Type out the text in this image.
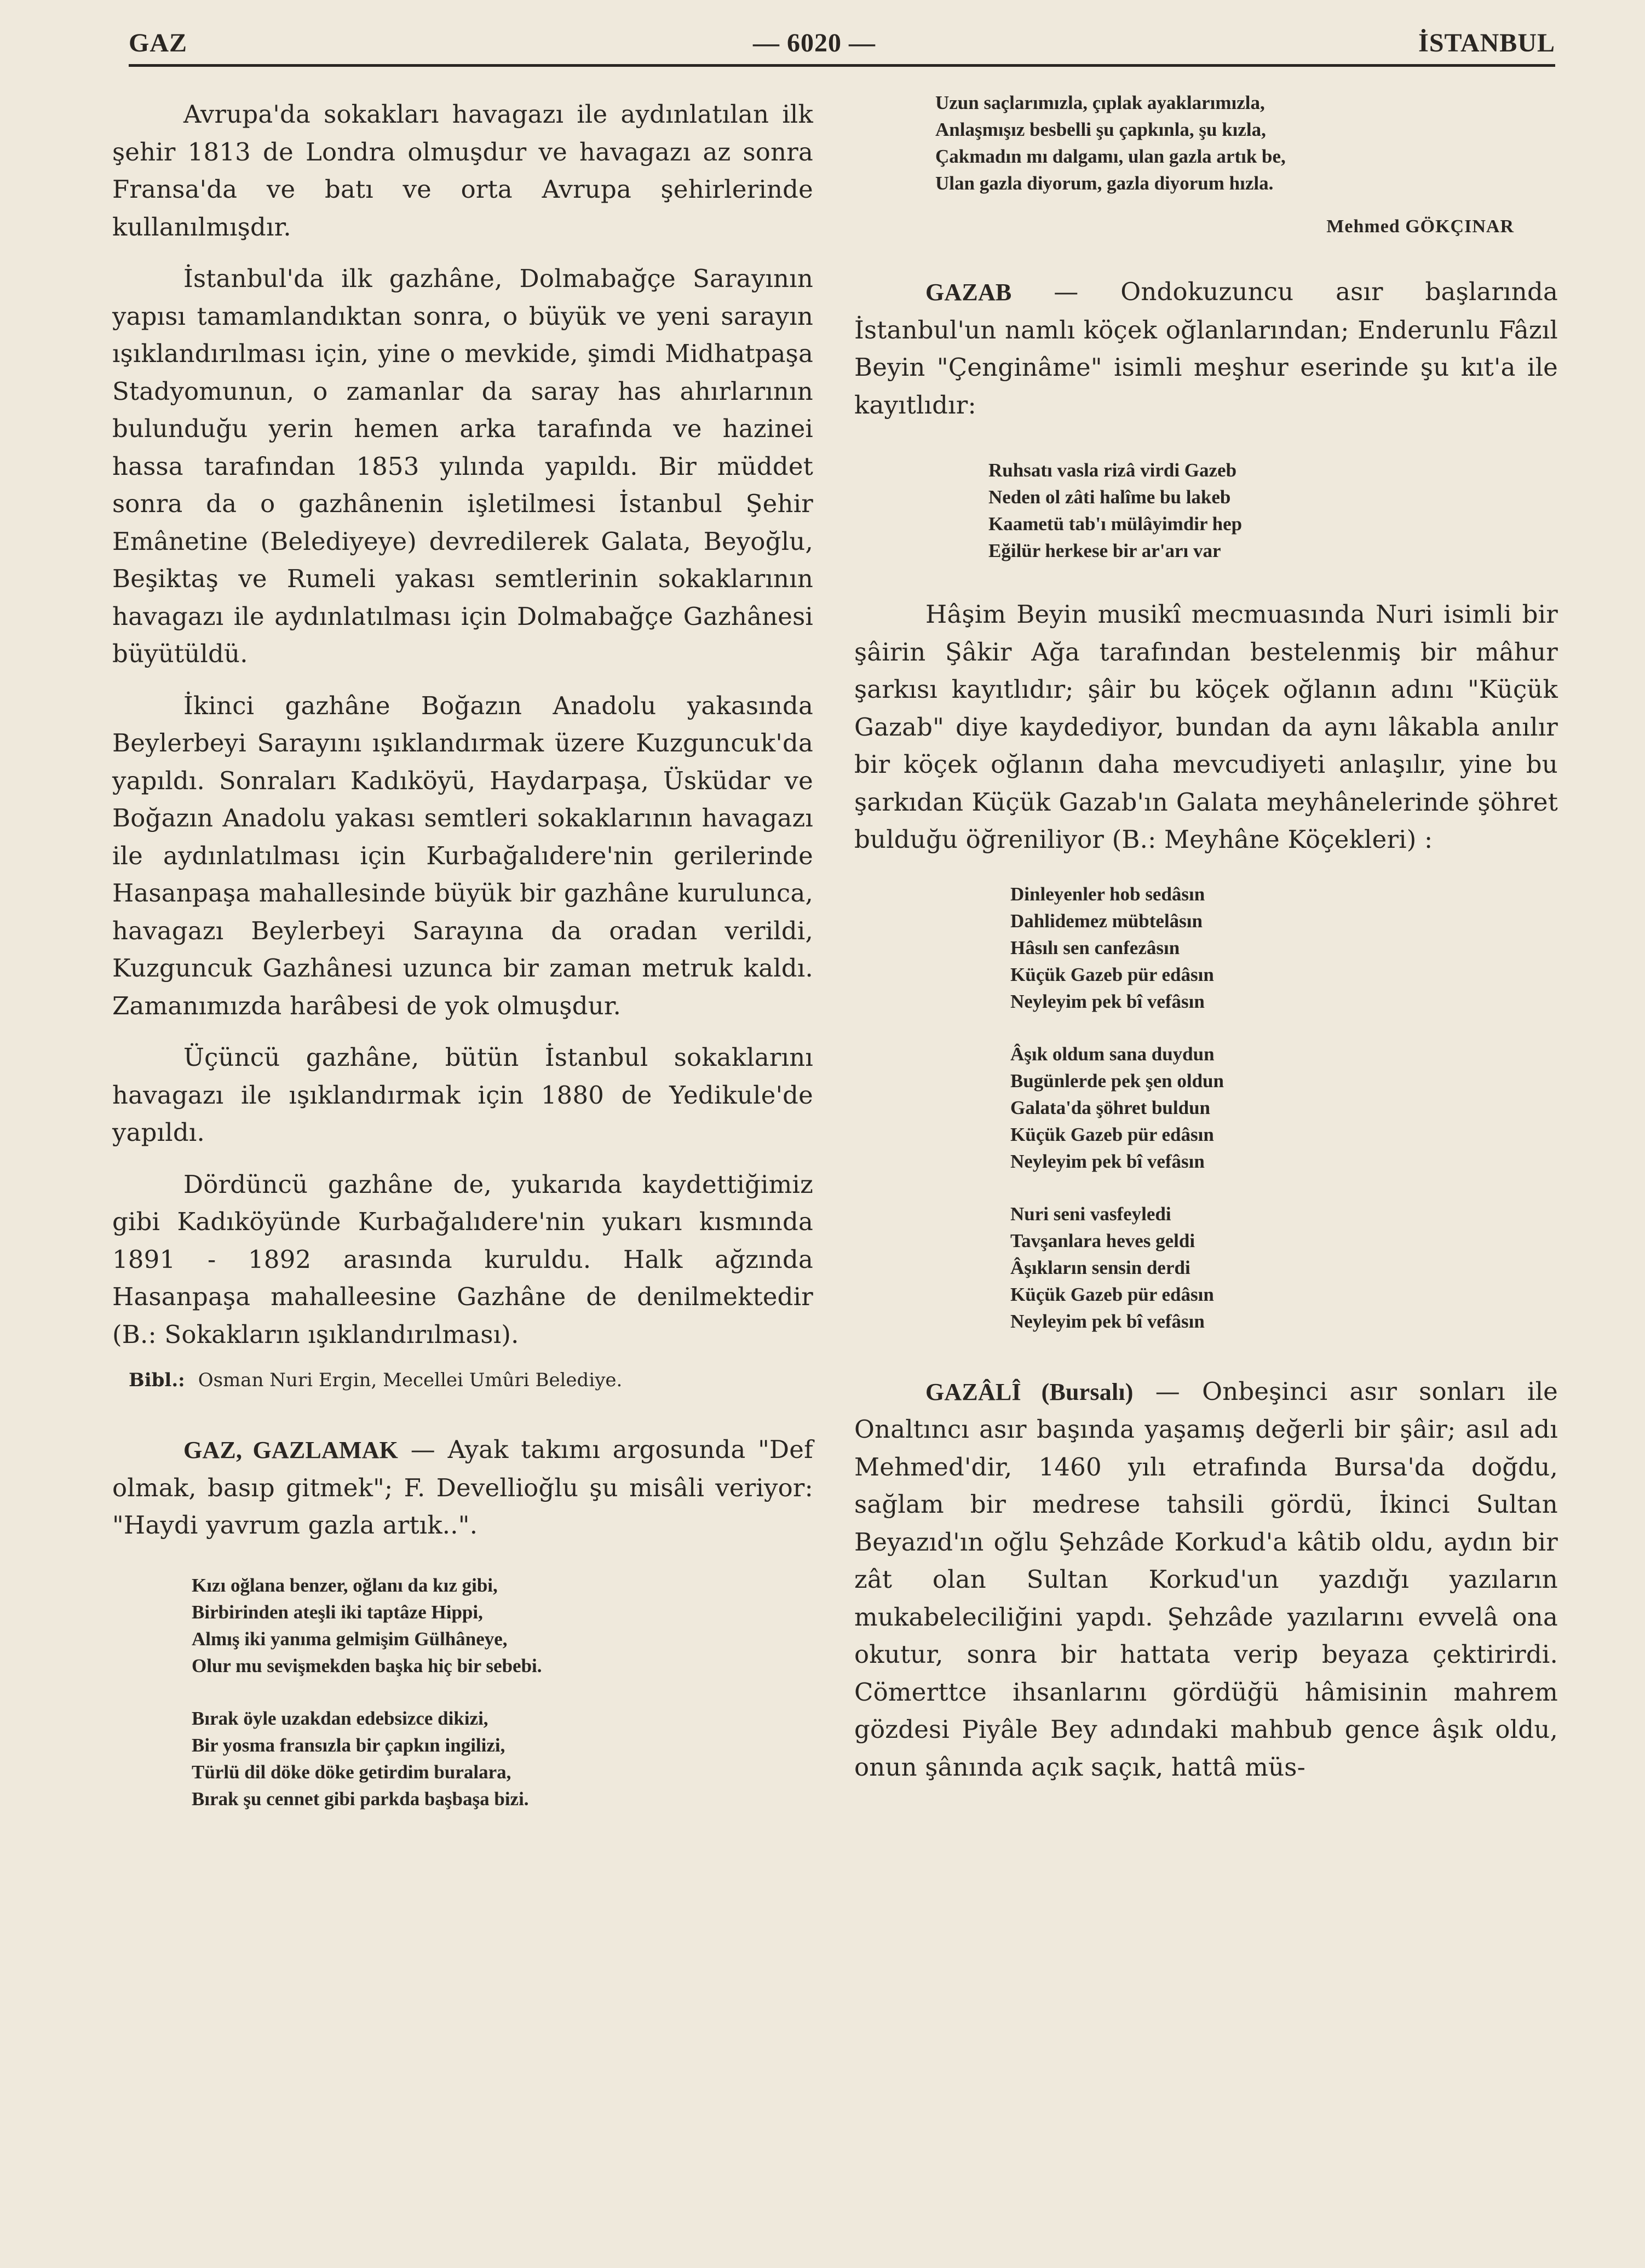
GAZ	— 6020 —	İSTANBUL

Avrupa'da sokakları havagazı ile aydınlatılan ilk şehir 1813 de Londra olmuşdur ve havagazı az sonra Fransa'da ve batı ve orta Avrupa şehirlerinde kullanılmışdır.

İstanbul'da ilk gazhâne, Dolmabağçe Sarayının yapısı tamamlandıktan sonra, o büyük ve yeni sarayın ışıklandırılması için, yine o mevkide, şimdi Midhatpaşa Stadyomunun, o zamanlar da saray has ahırlarının bulunduğu yerin hemen arka tarafında ve hazinei hassa tarafından 1853 yılında yapıldı. Bir müddet sonra da o gazhânenin işletilmesi İstanbul Şehir Emânetine (Belediyeye) devredilerek Galata, Beyoğlu, Beşiktaş ve Rumeli yakası semtlerinin sokaklarının havagazı ile aydınlatılması için Dolmabağçe Gazhânesi büyütüldü.

İkinci gazhâne Boğazın Anadolu yakasında Beylerbeyi Sarayını ışıklandırmak üzere Kuzguncuk'da yapıldı. Sonraları Kadıköyü, Haydarpaşa, Üsküdar ve Boğazın Anadolu yakası semtleri sokaklarının havagazı ile aydınlatılması için Kurbağalıdere'nin gerilerinde Hasanpaşa mahallesinde büyük bir gazhâne kurulunca, havagazı Beylerbeyi Sarayına da oradan verildi, Kuzguncuk Gazhânesi uzunca bir zaman metruk kaldı. Zamanımızda harâbesi de yok olmuşdur.

Üçüncü gazhâne, bütün İstanbul sokaklarını havagazı ile ışıklandırmak için 1880 de Yedikule'de yapıldı.

Dördüncü gazhâne de, yukarıda kaydettiğimiz gibi Kadıköyünde Kurbağalıdere'nin yukarı kısmında 1891 - 1892 arasında kuruldu. Halk ağzında Hasanpaşa mahalleesine Gazhâne de denilmektedir (B.: Sokakların ışıklandırılması).

Bibl.: Osman Nuri Ergin, Mecellei Umûri Belediye.

GAZ, GAZLAMAK — Ayak takımı argosunda "Def olmak, basıp gitmek"; F. Devellioğlu şu misâli veriyor: "Haydi yavrum gazla artık..".

Kızı oğlana benzer, oğlanı da kız gibi,
Birbirinden ateşli iki taptâze Hippi,
Almış iki yanıma gelmişim Gülhâneye,
Olur mu sevişmekden başka hiç bir sebebi.
Bırak öyle uzakdan edebsizce dikizi,
Bir yosma fransızla bir çapkın ingilizi,
Türlü dil döke döke getirdim buralara,
Bırak şu cennet gibi parkda başbaşa bizi.
Uzun saçlarımızla, çıplak ayaklarımızla,
Anlaşmışız besbelli şu çapkınla, şu kızla,
Çakmadın mı dalgamı, ulan gazla artık be,
Ulan gazla diyorum, gazla diyorum hızla.

Mehmed GÖKÇINAR

GAZAB — Ondokuzuncu asır başlarında İstanbul'un namlı köçek oğlanlarından; Enderunlu Fâzıl Beyin "Çenginâme" isimli meşhur eserinde şu kıt'a ile kayıtlıdır:

Ruhsatı vasla rizâ virdi Gazeb
Neden ol zâti halîme bu lakeb
Kaametü tab'ı mülâyimdir hep
Eğilür herkese bir ar'arı var

Hâşim Beyin musikî mecmuasında Nuri isimli bir şâirin Şâkir Ağa tarafından bestelenmiş bir mâhur şarkısı kayıtlıdır; şâir bu köçek oğlanın adını "Küçük Gazab" diye kaydediyor, bundan da aynı lâkabla anılır bir köçek oğlanın daha mevcudiyeti anlaşılır, yine bu şarkıdan Küçük Gazab'ın Galata meyhânelerinde şöhret bulduğu öğreniliyor (B.: Meyhâne Köçekleri) :

Dinleyenler hob sedâsın
Dahlidemez mübtelâsın
Hâsılı sen canfezâsın
Küçük Gazeb pür edâsın
Neyleyim pek bî vefâsın
Âşık oldum sana duydun
Bugünlerde pek şen oldun
Galata'da şöhret buldun
Küçük Gazeb pür edâsın
Neyleyim pek bî vefâsın
Nuri seni vasfeyledi
Tavşanlara heves geldi
Âşıkların sensin derdi
Küçük Gazeb pür edâsın
Neyleyim pek bî vefâsın

GAZÂLÎ (Bursalı) — Onbeşinci asır sonları ile Onaltıncı asır başında yaşamış değerli bir şâir; asıl adı Mehmed'dir, 1460 yılı etrafında Bursa'da doğdu, sağlam bir medrese tahsili gördü, İkinci Sultan Beyazıd'ın oğlu Şehzâde Korkud'a kâtib oldu, aydın bir zât olan Sultan Korkud'un yazdığı yazıların mukabeleciliğini yapdı. Şehzâde yazılarını evvelâ ona okutur, sonra bir hattata verip beyaza çektirirdi. Cömerttce ihsanlarını gördüğü hâmisinin mahrem gözdesi Piyâle Bey adındaki mahbub gence âşık oldu, onun şânında açık saçık, hattâ müs-
